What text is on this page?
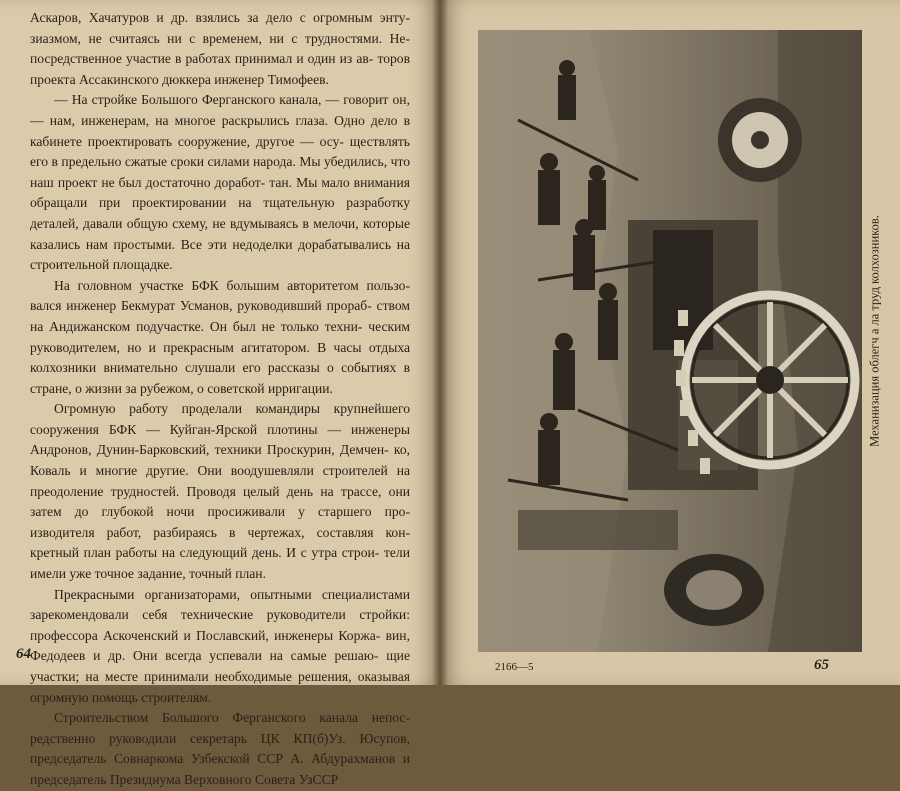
Аскаров, Хачатуров и др. взялись за дело с огромным энту- зиазмом, не считаясь ни с временем, ни с трудностями. Не- посредственное участие в работах принимал и один из ав- торов проекта Ассакинского дюккера инженер Тимофеев.

— На стройке Большого Ферганского канала, — говорит он, — нам, инженерам, на многое раскрылись глаза. Одно дело в кабинете проектировать сооружение, другое — осу- ществлять его в предельно сжатые сроки силами народа. Мы убедились, что наш проект не был достаточно доработ- тан. Мы мало внимания обращали при проектировании на тщательную разработку деталей, давали общую схему, не вдумываясь в мелочи, которые казались нам простыми. Все эти недоделки дорабатывались на строительной площадке.

На головном участке БФК большим авторитетом пользо- вался инженер Бекмурат Усманов, руководивший прораб- ством на Андижанском подучастке. Он был не только техни- ческим руководителем, но и прекрасным агитатором. В часы отдыха колхозники внимательно слушали его рассказы о событиях в стране, о жизни за рубежом, о советской ирригации.

Огромную работу проделали командиры крупнейшего сооружения БФК — Куйган-Ярской плотины — инженеры Андронов, Дунин-Барковский, техники Проскурин, Демчен- ко, Коваль и многие другие. Они воодушевляли строителей на преодоление трудностей. Проводя целый день на трассе, они затем до глубокой ночи просиживали у старшего про- изводителя работ, разбираясь в чертежах, составляя кон- кретный план работы на следующий день. И с утра строи- тели имели уже точное задание, точный план.

Прекрасными организаторами, опытными специалистами зарекомендовали себя технические руководители стройки: профессора Аскоченский и Пославский, инженеры Коржа- вин, Федодеев и др. Они всегда успевали на самые решаю- щие участки; на месте принимали необходимые решения, оказывая огромную помощь строителям.

Строительством Большого Ферганского канала непос- редственно руководили секретарь ЦК КП(б)Уз. Юсупов, председатель Совнаркома Узбекской ССР А. Абдурахманов и председатель Президиума Верховного Совета УзССР

64
Механизация облегч а ла труд колхозников.
2166—5	65
